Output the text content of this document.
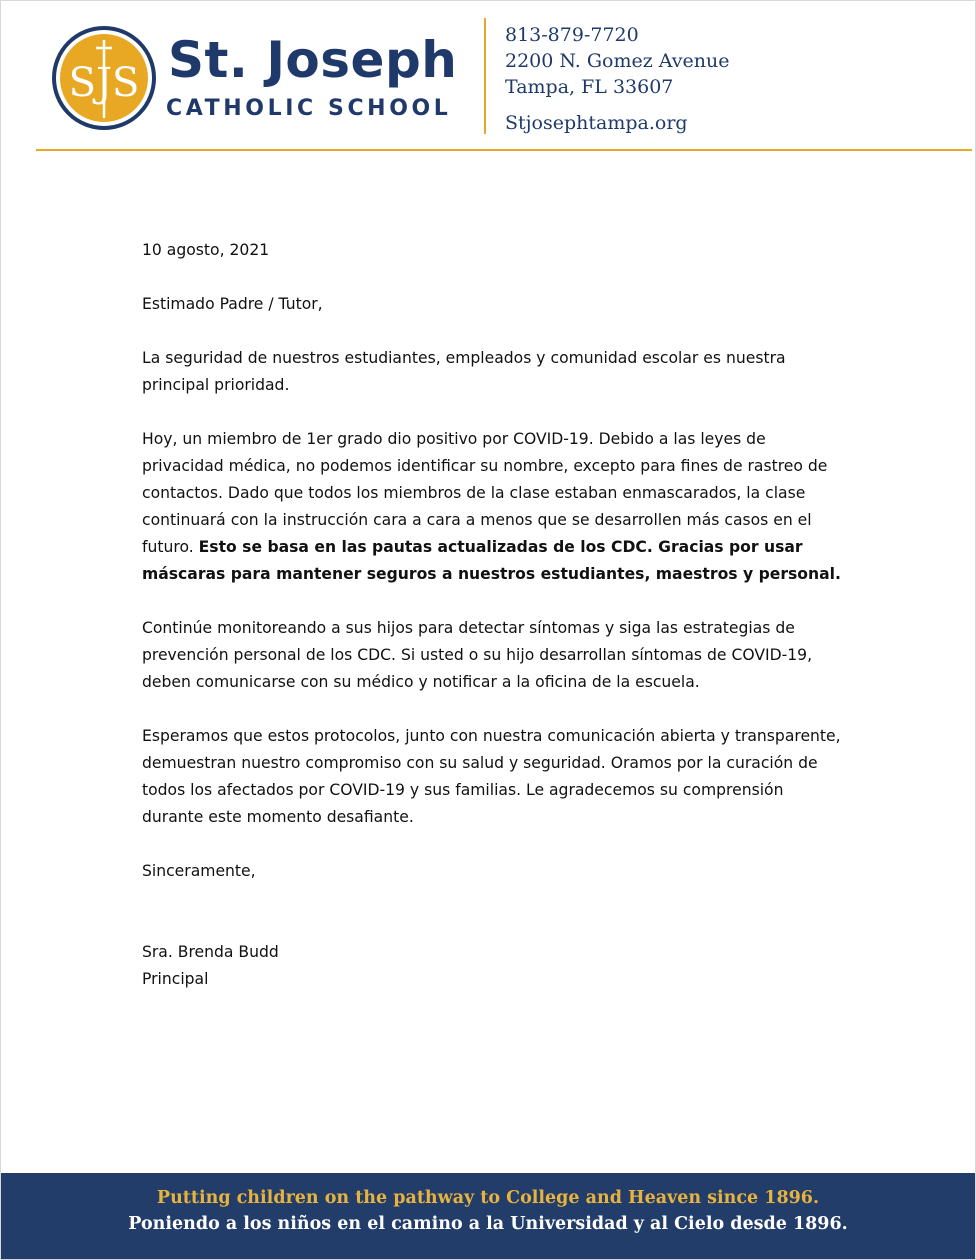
SJS St. Joseph
CATHOLIC SCHOOL
813-879-7720
2200 N. Gomez Avenue
Tampa, FL 33607
Stjosephtampa.org

10 agosto, 2021

Estimado Padre / Tutor,

La seguridad de nuestros estudiantes, empleados y comunidad escolar es nuestra principal prioridad.

Hoy, un miembro de 1er grado dio positivo por COVID-19. Debido a las leyes de privacidad médica, no podemos identificar su nombre, excepto para fines de rastreo de contactos. Dado que todos los miembros de la clase estaban enmascarados, la clase continuará con la instrucción cara a cara a menos que se desarrollen más casos en el futuro. Esto se basa en las pautas actualizadas de los CDC. Gracias por usar máscaras para mantener seguros a nuestros estudiantes, maestros y personal.

Continúe monitoreando a sus hijos para detectar síntomas y siga las estrategias de prevención personal de los CDC. Si usted o su hijo desarrollan síntomas de COVID-19, deben comunicarse con su médico y notificar a la oficina de la escuela.

Esperamos que estos protocolos, junto con nuestra comunicación abierta y transparente, demuestran nuestro compromiso con su salud y seguridad. Oramos por la curación de todos los afectados por COVID-19 y sus familias. Le agradecemos su comprensión durante este momento desafiante.

Sinceramente,

Sra. Brenda Budd
Principal
Putting children on the pathway to College and Heaven since 1896.
Poniendo a los niños en el camino a la Universidad y al Cielo desde 1896.
